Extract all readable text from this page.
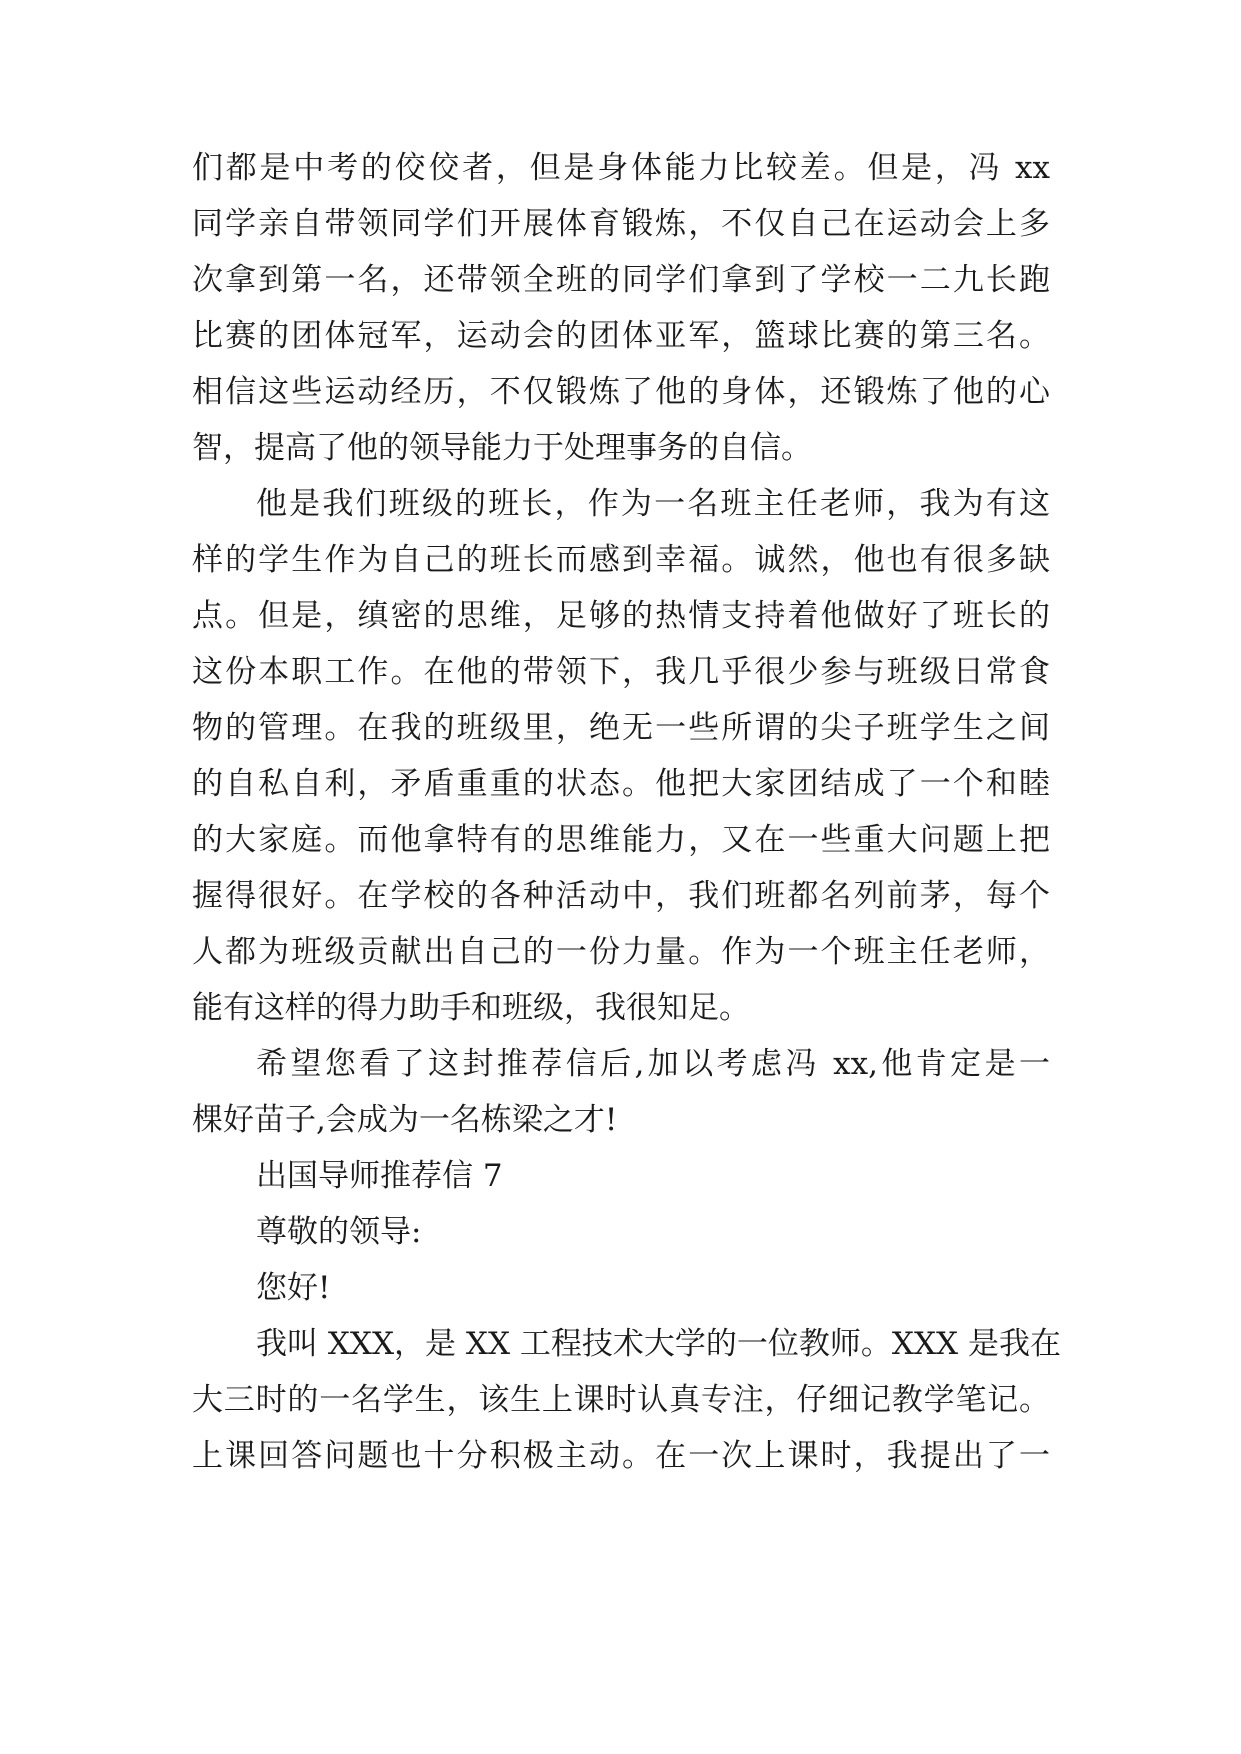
们都是中考的佼佼者，但是身体能力比较差。但是，冯 xx
同学亲自带领同学们开展体育锻炼，不仅自己在运动会上多
次拿到第一名，还带领全班的同学们拿到了学校一二九长跑
比赛的团体冠军，运动会的团体亚军，篮球比赛的第三名。
相信这些运动经历，不仅锻炼了他的身体，还锻炼了他的心
智，提高了他的领导能力于处理事务的自信。
他是我们班级的班长，作为一名班主任老师，我为有这
样的学生作为自己的班长而感到幸福。诚然，他也有很多缺
点。但是，缜密的思维，足够的热情支持着他做好了班长的
这份本职工作。在他的带领下，我几乎很少参与班级日常食
物的管理。在我的班级里，绝无一些所谓的尖子班学生之间
的自私自利，矛盾重重的状态。他把大家团结成了一个和睦
的大家庭。而他拿特有的思维能力，又在一些重大问题上把
握得很好。在学校的各种活动中，我们班都名列前茅，每个
人都为班级贡献出自己的一份力量。作为一个班主任老师，
能有这样的得力助手和班级，我很知足。
希望您看了这封推荐信后,加以考虑冯 xx,他肯定是一
棵好苗子,会成为一名栋梁之才!
出国导师推荐信 7
尊敬的领导:
您好!
我叫 XXX，是 XX 工程技术大学的一位教师。XXX 是我在
大三时的一名学生，该生上课时认真专注，仔细记教学笔记。
上课回答问题也十分积极主动。在一次上课时，我提出了一
